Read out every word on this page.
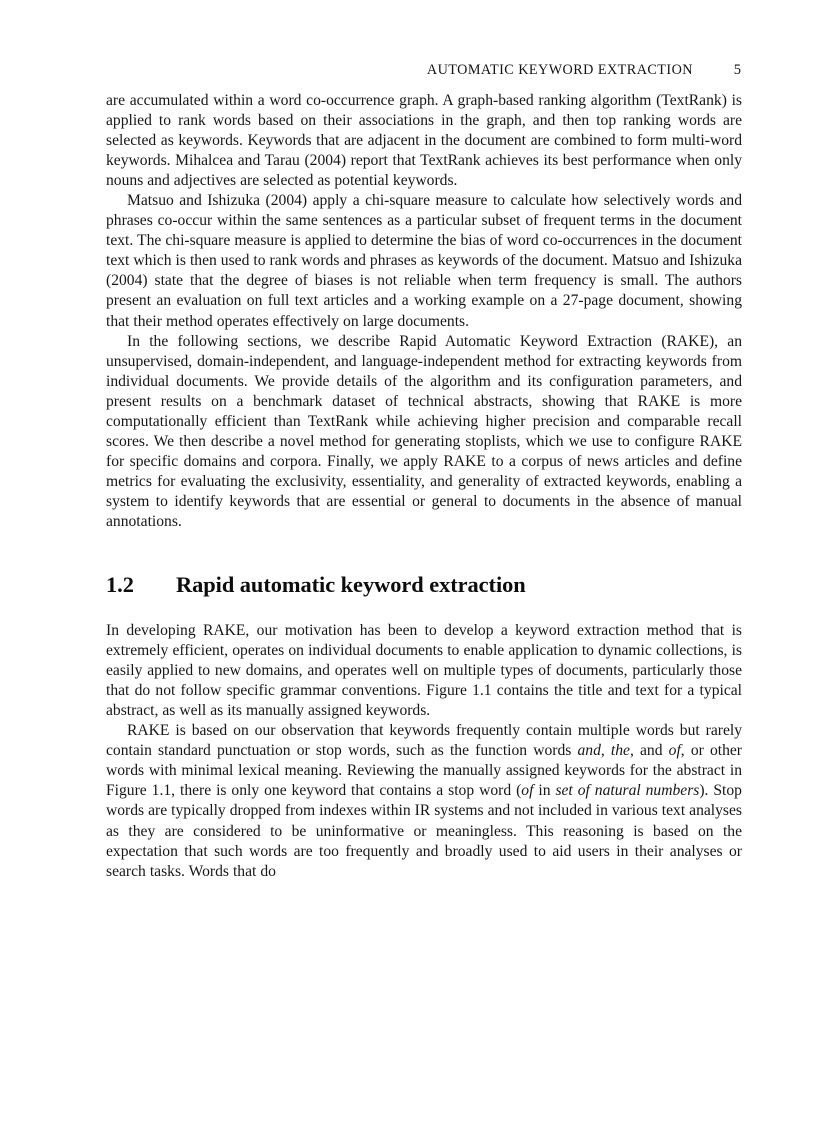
AUTOMATIC KEYWORD EXTRACTION	5

are accumulated within a word co-occurrence graph. A graph-based ranking algorithm (TextRank) is applied to rank words based on their associations in the graph, and then top ranking words are selected as keywords. Keywords that are adjacent in the document are combined to form multi-word keywords. Mihalcea and Tarau (2004) report that TextRank achieves its best performance when only nouns and adjectives are selected as potential keywords.

Matsuo and Ishizuka (2004) apply a chi-square measure to calculate how selectively words and phrases co-occur within the same sentences as a particular subset of frequent terms in the document text. The chi-square measure is applied to determine the bias of word co-occurrences in the document text which is then used to rank words and phrases as keywords of the document. Matsuo and Ishizuka (2004) state that the degree of biases is not reliable when term frequency is small. The authors present an evaluation on full text articles and a working example on a 27-page document, showing that their method operates effectively on large documents.

In the following sections, we describe Rapid Automatic Keyword Extraction (RAKE), an unsupervised, domain-independent, and language-independent method for extracting keywords from individual documents. We provide details of the algorithm and its configuration parameters, and present results on a benchmark dataset of technical abstracts, showing that RAKE is more computationally efficient than TextRank while achieving higher precision and comparable recall scores. We then describe a novel method for generating stoplists, which we use to configure RAKE for specific domains and corpora. Finally, we apply RAKE to a corpus of news articles and define metrics for evaluating the exclusivity, essentiality, and generality of extracted keywords, enabling a system to identify keywords that are essential or general to documents in the absence of manual annotations.

1.2	Rapid automatic keyword extraction

In developing RAKE, our motivation has been to develop a keyword extraction method that is extremely efficient, operates on individual documents to enable application to dynamic collections, is easily applied to new domains, and operates well on multiple types of documents, particularly those that do not follow specific grammar conventions. Figure 1.1 contains the title and text for a typical abstract, as well as its manually assigned keywords.

RAKE is based on our observation that keywords frequently contain multiple words but rarely contain standard punctuation or stop words, such as the function words and, the, and of, or other words with minimal lexical meaning. Reviewing the manually assigned keywords for the abstract in Figure 1.1, there is only one keyword that contains a stop word (of in set of natural numbers). Stop words are typically dropped from indexes within IR systems and not included in various text analyses as they are considered to be uninformative or meaningless. This reasoning is based on the expectation that such words are too frequently and broadly used to aid users in their analyses or search tasks. Words that do
